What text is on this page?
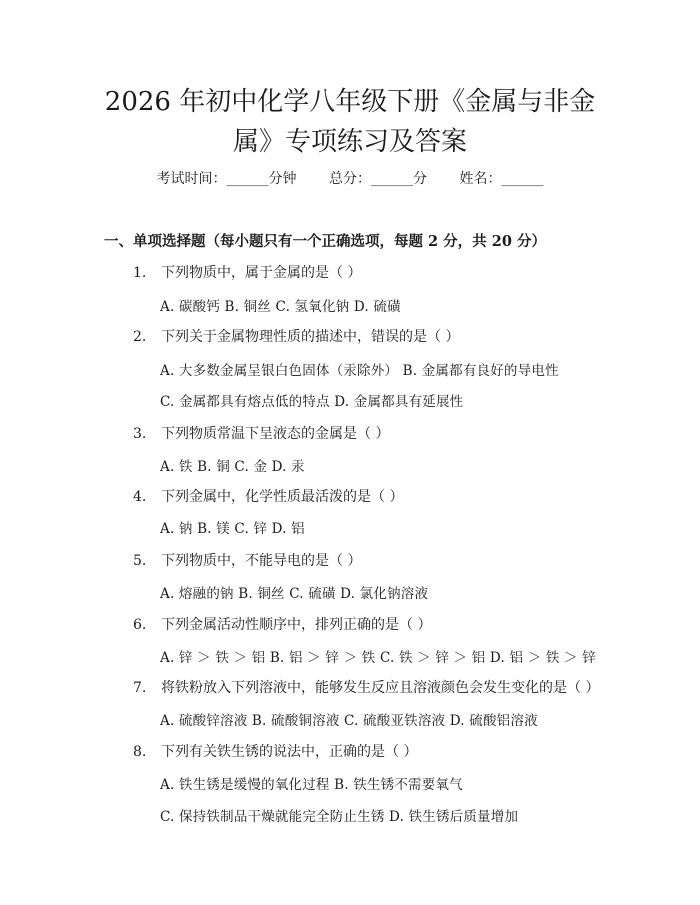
2026 年初中化学八年级下册《金属与非金
属》专项练习及答案
考试时间：______分钟 总分：______分 姓名：______
一、单项选择题（每小题只有一个正确选项，每题 2 分，共 20 分）
1. 下列物质中，属于金属的是（ ）
A. 碳酸钙 B. 铜丝 C. 氢氧化钠 D. 硫磺
2. 下列关于金属物理性质的描述中，错误的是（ ）
A. 大多数金属呈银白色固体（汞除外） B. 金属都有良好的导电性
C. 金属都具有熔点低的特点 D. 金属都具有延展性
3. 下列物质常温下呈液态的金属是（ ）
A. 铁 B. 铜 C. 金 D. 汞
4. 下列金属中，化学性质最活泼的是（ ）
A. 钠 B. 镁 C. 锌 D. 铝
5. 下列物质中，不能导电的是（ ）
A. 熔融的钠 B. 铜丝 C. 硫磺 D. 氯化钠溶液
6. 下列金属活动性顺序中，排列正确的是（ ）
A. 锌 ＞ 铁 ＞ 铝 B. 铝 ＞ 锌 ＞ 铁 C. 铁 ＞ 锌 ＞ 铝 D. 铝 ＞ 铁 ＞ 锌
7. 将铁粉放入下列溶液中，能够发生反应且溶液颜色会发生变化的是（ ）
A. 硫酸锌溶液 B. 硫酸铜溶液 C. 硫酸亚铁溶液 D. 硫酸铝溶液
8. 下列有关铁生锈的说法中，正确的是（ ）
A. 铁生锈是缓慢的氧化过程 B. 铁生锈不需要氧气
C. 保持铁制品干燥就能完全防止生锈 D. 铁生锈后质量增加
